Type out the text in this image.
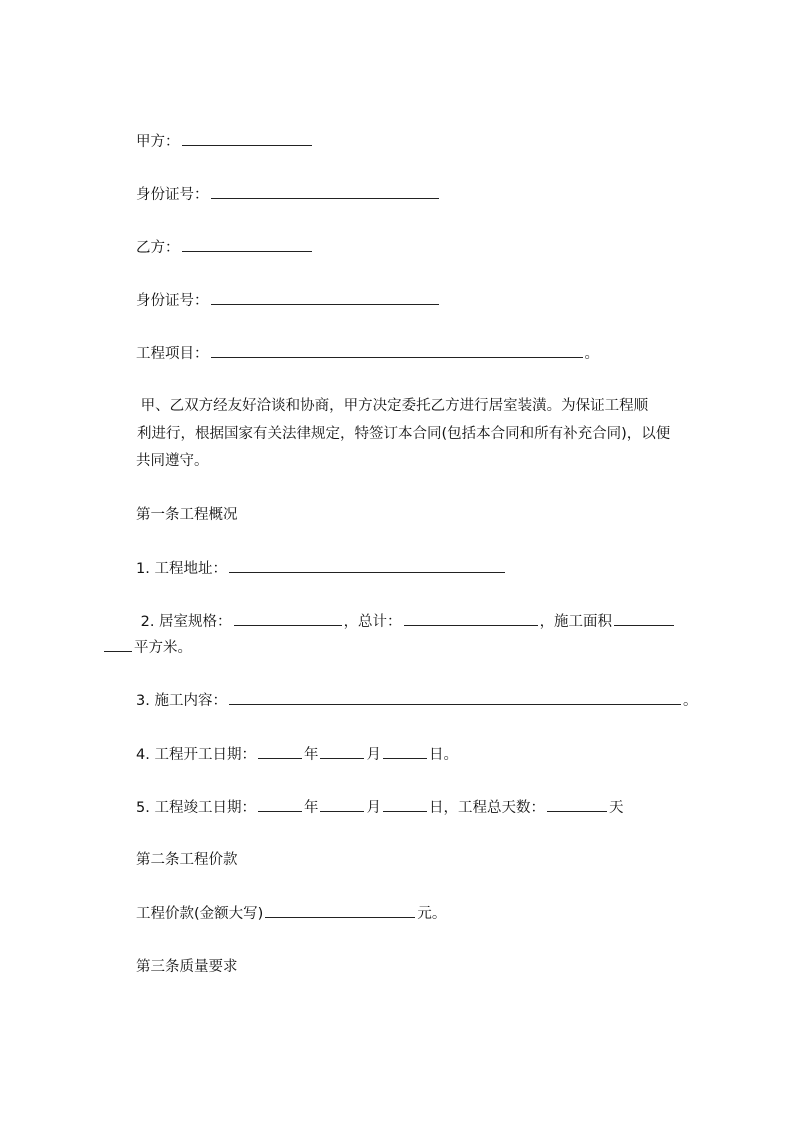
甲方：

身份证号：

乙方：

身份证号：

工程项目：	。

甲、乙双方经友好洽谈和协商，甲方决定委托乙方进行居室装潢。为保证工程顺

利进行，根据国家有关法律规定，特签订本合同(包括本合同和所有补充合同)，以便

共同遵守。

第一条工程概况

1. 工程地址：

2. 居室规格：	，总计：	，施工面积

平方米。

3. 施工内容：	。

4. 工程开工日期：	年	月	日。

5. 工程竣工日期：	年	月	日，工程总天数：	天

第二条工程价款

工程价款(金额大写)	元。

第三条质量要求
